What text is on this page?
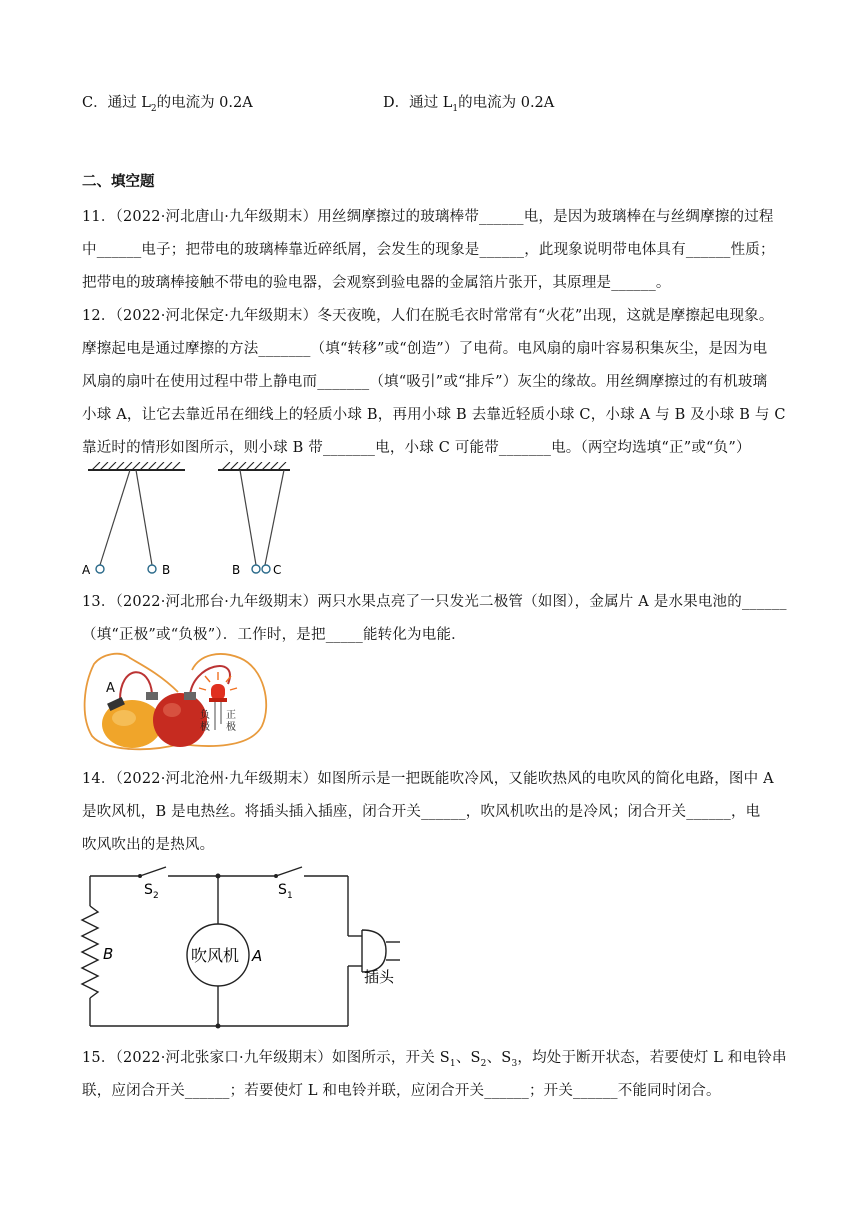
C．通过 $L_2$的电流为 0.2A	D．通过 $L_1$的电流为 0.2A
二、填空题
11．（2022·河北唐山·九年级期末）用丝绸摩擦过的玻璃棒带______电，是因为玻璃棒在与丝绸摩擦的过程
中______电子；把带电的玻璃棒靠近碎纸屑，会发生的现象是______，此现象说明带电体具有______性质；
把带电的玻璃棒接触不带电的验电器，会观察到验电器的金属箔片张开，其原理是______。
12．（2022·河北保定·九年级期末）冬天夜晚，人们在脱毛衣时常常有“火花”出现，这就是摩擦起电现象。
摩擦起电是通过摩擦的方法_______（填“转移”或“创造”）了电荷。电风扇的扇叶容易积集灰尘，是因为电
风扇的扇叶在使用过程中带上静电而_______（填“吸引”或“排斥”）灰尘的缘故。用丝绸摩擦过的有机玻璃
小球 A，让它去靠近吊在细线上的轻质小球 B，再用小球 B 去靠近轻质小球 C，小球 A 与 B 及小球 B 与 C
靠近时的情形如图所示，则小球 B 带_______电，小球 C 可能带_______电。（两空均选填“正”或“负”）
A	B	B	C
13．（2022·河北邢台·九年级期末）两只水果点亮了一只发光二极管（如图），金属片 A 是水果电池的______
（填“正极”或“负极”）．工作时，是把_____能转化为电能．
A
负
极
正
极
14．（2022·河北沧州·九年级期末）如图所示是一把既能吹冷风，又能吹热风的电吹风的简化电路，图中 A
是吹风机，B 是电热丝。将插头插入插座，闭合开关______，吹风机吹出的是冷风；闭合开关______，电
吹风吹出的是热风。
吹风机 A
B
S 2	S 1
插头
15．（2022·河北张家口·九年级期末）如图所示，开关 $S_1$、$S_2$、$S_3$，均处于断开状态，若要使灯 L 和电铃串
联，应闭合开关______；若要使灯 L 和电铃并联，应闭合开关______；开关______不能同时闭合。
